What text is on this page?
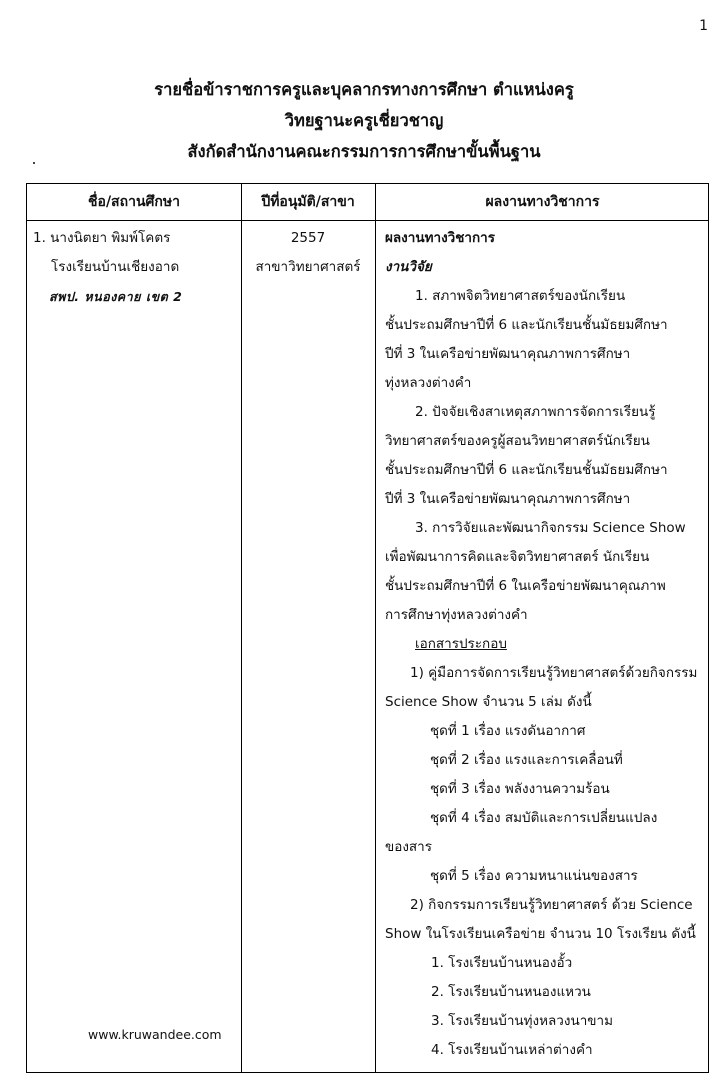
1
รายชื่อข้าราชการครูและบุคลากรทางการศึกษา ตำแหน่งครู
วิทยฐานะครูเชี่ยวชาญ
สังกัดสำนักงานคณะกรรมการการศึกษาขั้นพื้นฐาน
ชื่อ/สถานศึกษา	ปีที่อนุมัติ/สาขา	ผลงานทางวิชาการ
1. นางนิตยา พิมพ์โคตร
โรงเรียนบ้านเชียงอาด
สพป. หนองคาย เขต 2
2557
สาขาวิทยาศาสตร์
ผลงานทางวิชาการ
งานวิจัย
1. สภาพจิตวิทยาศาสตร์ของนักเรียน
ชั้นประถมศึกษาปีที่ 6 และนักเรียนชั้นมัธยมศึกษา
ปีที่ 3 ในเครือข่ายพัฒนาคุณภาพการศึกษา
ทุ่งหลวงต่างคำ
2. ปัจจัยเชิงสาเหตุสภาพการจัดการเรียนรู้
วิทยาศาสตร์ของครูผู้สอนวิทยาศาสตร์นักเรียน
ชั้นประถมศึกษาปีที่ 6 และนักเรียนชั้นมัธยมศึกษา
ปีที่ 3 ในเครือข่ายพัฒนาคุณภาพการศึกษา
3. การวิจัยและพัฒนากิจกรรม Science Show
เพื่อพัฒนาการคิดและจิตวิทยาศาสตร์ นักเรียน
ชั้นประถมศึกษาปีที่ 6 ในเครือข่ายพัฒนาคุณภาพ
การศึกษาทุ่งหลวงต่างคำ
เอกสารประกอบ
1) คู่มือการจัดการเรียนรู้วิทยาศาสตร์ด้วยกิจกรรม
Science Show จำนวน 5 เล่ม ดังนี้
ชุดที่ 1 เรื่อง แรงดันอากาศ
ชุดที่ 2 เรื่อง แรงและการเคลื่อนที่
ชุดที่ 3 เรื่อง พลังงานความร้อน
ชุดที่ 4 เรื่อง สมบัติและการเปลี่ยนแปลง
ของสาร
ชุดที่ 5 เรื่อง ความหนาแน่นของสาร
2) กิจกรรมการเรียนรู้วิทยาศาสตร์ ด้วย Science
Show ในโรงเรียนเครือข่าย จำนวน 10 โรงเรียน ดังนี้
1. โรงเรียนบ้านหนองอั้ว
2. โรงเรียนบ้านหนองแหวน
3. โรงเรียนบ้านทุ่งหลวงนาขาม
4. โรงเรียนบ้านเหล่าต่างคำ
www.kruwandee.com
